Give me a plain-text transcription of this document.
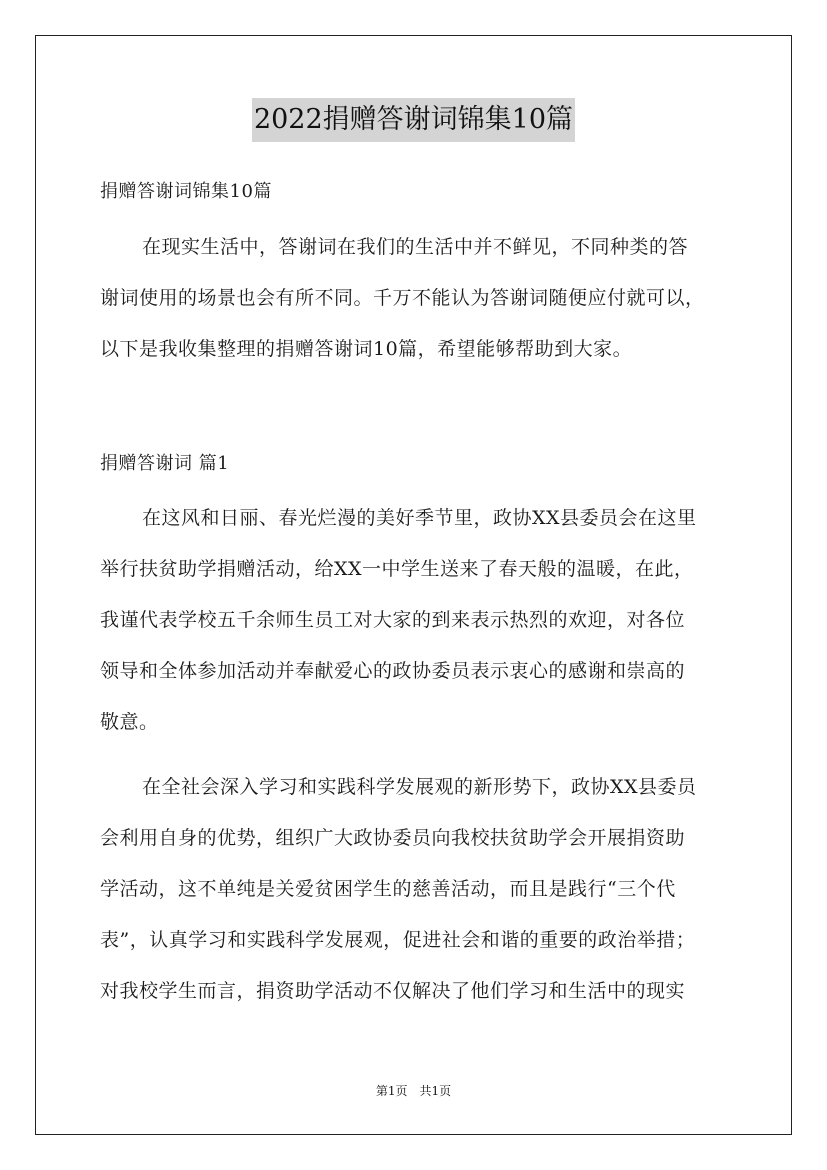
2022捐赠答谢词锦集10篇

捐赠答谢词锦集10篇

在现实生活中，答谢词在我们的生活中并不鲜见，不同种类的答
谢词使用的场景也会有所不同。千万不能认为答谢词随便应付就可以，
以下是我收集整理的捐赠答谢词10篇，希望能够帮助到大家。

捐赠答谢词 篇1

在这风和日丽、春光烂漫的美好季节里，政协XX县委员会在这里
举行扶贫助学捐赠活动，给XX一中学生送来了春天般的温暖，在此，
我谨代表学校五千余师生员工对大家的到来表示热烈的欢迎，对各位
领导和全体参加活动并奉献爱心的政协委员表示衷心的感谢和崇高的
敬意。

在全社会深入学习和实践科学发展观的新形势下，政协XX县委员
会利用自身的优势，组织广大政协委员向我校扶贫助学会开展捐资助
学活动，这不单纯是关爱贫困学生的慈善活动，而且是践行“三个代
表”，认真学习和实践科学发展观，促进社会和谐的重要的政治举措；
对我校学生而言，捐资助学活动不仅解决了他们学习和生活中的现实

第1页　共1页
